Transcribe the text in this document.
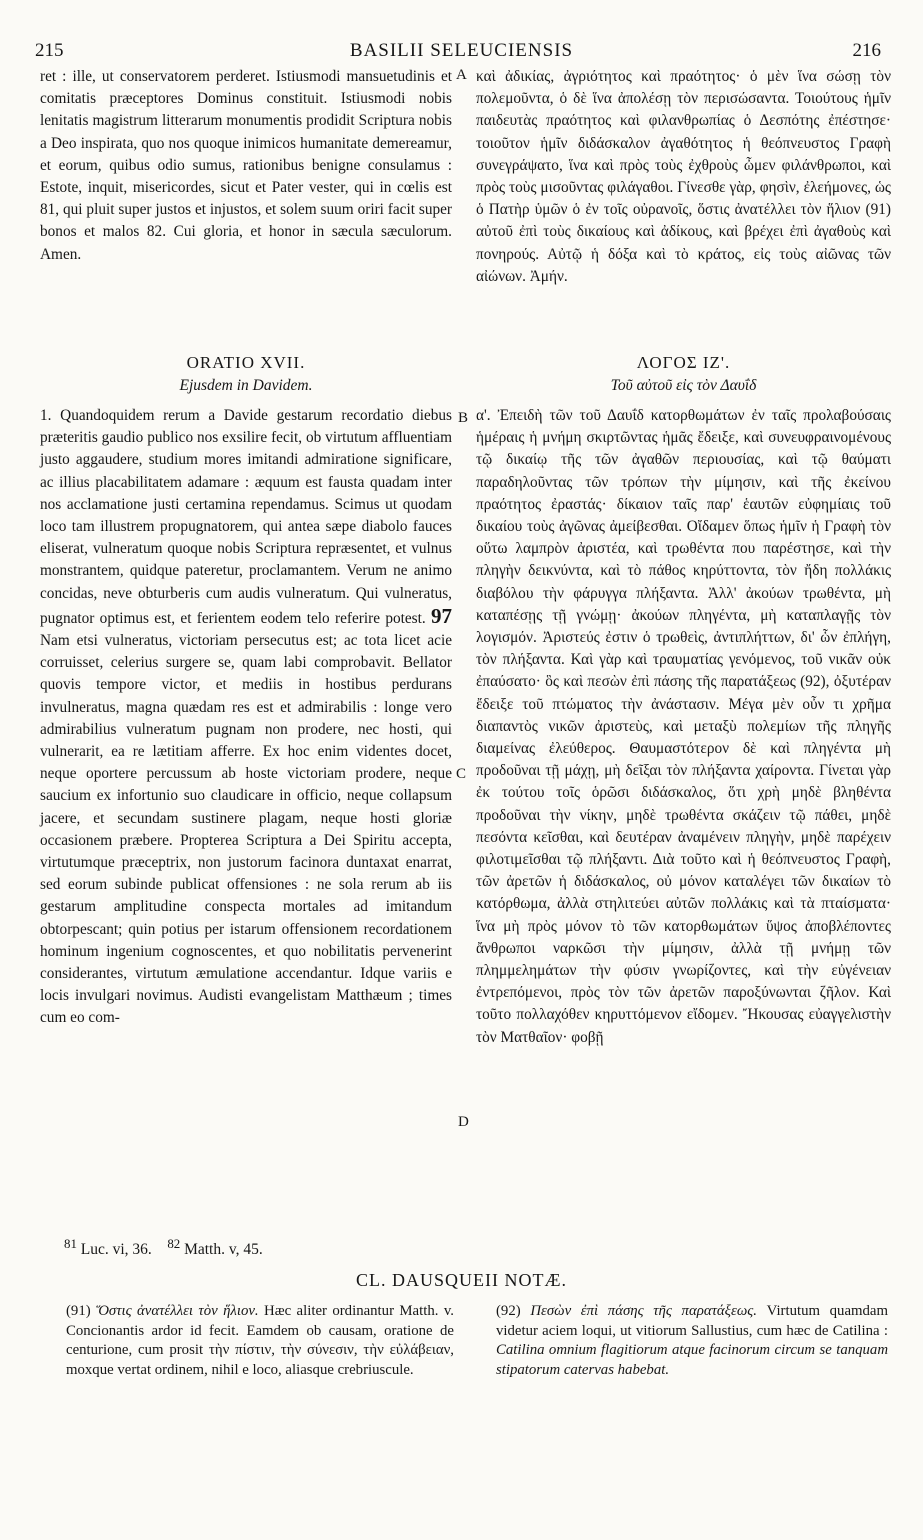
215	BASILII SELEUCIENSIS	216
A
B
C
D

ret : ille, ut conservatorem perderet. Istiusmodi mansuetudinis et comitatis præceptores Dominus constituit. Istiusmodi nobis lenitatis magistrum litterarum monumentis prodidit Scriptura nobis a Deo inspirata, quo nos quoque inimicos humanitate demereamur, et eorum, quibus odio sumus, rationibus benigne consulamus : Estote, inquit, misericordes, sicut et Pater vester, qui in cœlis est 81, qui pluit super justos et injustos, et solem suum oriri facit super bonos et malos 82. Cui gloria, et honor in sæcula sæculorum. Amen.

καὶ ἀδικίας, ἀγριότητος καὶ πραότητος· ὁ μὲν ἵνα σώσῃ τὸν πολεμοῦντα, ὁ δὲ ἵνα ἀπολέσῃ τὸν περισώσαντα. Τοιούτους ἡμῖν παιδευτὰς πραότητος καὶ φιλανθρωπίας ὁ Δεσπότης ἐπέστησε· τοιοῦτον ἡμῖν διδάσκαλον ἀγαθότητος ἡ θεόπνευστος Γραφὴ συνεγράψατο, ἵνα καὶ πρὸς τοὺς ἐχθροὺς ὦμεν φιλάνθρωποι, καὶ πρὸς τοὺς μισοῦντας φιλάγαθοι. Γίνεσθε γὰρ, φησὶν, ἐλεήμονες, ὡς ὁ Πατὴρ ὑμῶν ὁ ἐν τοῖς οὐρανοῖς, ὅστις ἀνατέλλει τὸν ἥλιον (91) αὐτοῦ ἐπὶ τοὺς δικαίους καὶ ἀδίκους, καὶ βρέχει ἐπὶ ἀγαθοὺς καὶ πονηρούς. Αὐτῷ ἡ δόξα καὶ τὸ κράτος, εἰς τοὺς αἰῶνας τῶν αἰώνων. Ἀμήν.

ORATIO XVII.
Ejusdem in Davidem.
ΛΟΓΟΣ ΙΖ'.
Τοῦ αὐτοῦ εἰς τὸν Δαυΐδ

1. Quandoquidem rerum a Davide gestarum recordatio diebus præteritis gaudio publico nos exsilire fecit, ob virtutum affluentiam justo aggaudere, studium mores imitandi admiratione significare, ac illius placabilitatem adamare : æquum est fausta quadam inter nos acclamatione justi certamina rependamus. Scimus ut quodam loco tam illustrem propugnatorem, qui antea sæpe diabolo fauces eliserat, vulneratum quoque nobis Scriptura repræsentet, et vulnus monstrantem, quidque pateretur, proclamantem. Verum ne animo concidas, neve obturberis cum audis vulneratum. Qui vulneratus, pugnator optimus est, et ferientem eodem telo referire potest. 97 Nam etsi vulneratus, victoriam persecutus est; ac tota licet acie corruisset, celerius surgere se, quam labi comprobavit. Bellator quovis tempore victor, et mediis in hostibus perdurans invulneratus, magna quædam res est et admirabilis : longe vero admirabilius vulneratum pugnam non prodere, nec hosti, qui vulnerarit, ea re lætitiam afferre. Ex hoc enim videntes docet, neque oportere percussum ab hoste victoriam prodere, neque saucium ex infortunio suo claudicare in officio, neque collapsum jacere, et secundam sustinere plagam, neque hosti gloriæ occasionem præbere. Propterea Scriptura a Dei Spiritu accepta, virtutumque præceptrix, non justorum facinora duntaxat enarrat, sed eorum subinde publicat offensiones : ne sola rerum ab iis gestarum amplitudine conspecta mortales ad imitandum obtorpescant; quin potius per istarum offensionem recordationem hominum ingenium cognoscentes, et quo nobilitatis pervenerint considerantes, virtutum æmulatione accendantur. Idque variis e locis invulgari novimus. Audisti evangelistam Matthæum ; times cum eo com-

α'. Ἐπειδὴ τῶν τοῦ Δαυΐδ κατορθωμάτων ἐν ταῖς προλαβούσαις ἡμέραις ἡ μνήμη σκιρτῶντας ἡμᾶς ἔδειξε, καὶ συνευφραινομένους τῷ δικαίῳ τῆς τῶν ἀγαθῶν περιουσίας, καὶ τῷ θαύματι παραδηλοῦντας τῶν τρόπων τὴν μίμησιν, καὶ τῆς ἐκείνου πραότητος ἐραστάς· δίκαιον ταῖς παρ' ἑαυτῶν εὐφημίαις τοῦ δικαίου τοὺς ἀγῶνας ἀμείβεσθαι. Οἴδαμεν ὅπως ἡμῖν ἡ Γραφὴ τὸν οὕτω λαμπρὸν ἀριστέα, καὶ τρωθέντα που παρέστησε, καὶ τὴν πληγὴν δεικνύντα, καὶ τὸ πάθος κηρύττοντα, τὸν ἤδη πολλάκις διαβόλου τὴν φάρυγγα πλήξαντα. Ἀλλ' ἀκούων τρωθέντα, μὴ καταπέσῃς τῇ γνώμῃ· ἀκούων πληγέντα, μὴ καταπλαγῇς τὸν λογισμόν. Ἀριστεύς ἐστιν ὁ τρωθεὶς, ἀντιπλήττων, δι' ὧν ἐπλήγη, τὸν πλήξαντα. Καὶ γὰρ καὶ τραυματίας γενόμενος, τοῦ νικᾶν οὐκ ἐπαύσατο· ὃς καὶ πεσὼν ἐπὶ πάσης τῆς παρατάξεως (92), ὀξυτέραν ἔδειξε τοῦ πτώματος τὴν ἀνάστασιν. Μέγα μὲν οὖν τι χρῆμα διαπαντὸς νικῶν ἀριστεὺς, καὶ μεταξὺ πολεμίων τῆς πληγῆς διαμείνας ἐλεύθερος. Θαυμαστότερον δὲ καὶ πληγέντα μὴ προδοῦναι τῇ μάχῃ, μὴ δεῖξαι τὸν πλήξαντα χαίροντα. Γίνεται γὰρ ἐκ τούτου τοῖς ὁρῶσι διδάσκαλος, ὅτι χρὴ μηδὲ βληθέντα προδοῦναι τὴν νίκην, μηδὲ τρωθέντα σκάζειν τῷ πάθει, μηδὲ πεσόντα κεῖσθαι, καὶ δευτέραν ἀναμένειν πληγὴν, μηδὲ παρέχειν φιλοτιμεῖσθαι τῷ πλήξαντι. Διὰ τοῦτο καὶ ἡ θεόπνευστος Γραφὴ, τῶν ἀρετῶν ἡ διδάσκαλος, οὐ μόνον καταλέγει τῶν δικαίων τὸ κατόρθωμα, ἀλλὰ στηλιτεύει αὐτῶν πολλάκις καὶ τὰ πταίσματα· ἵνα μὴ πρὸς μόνον τὸ τῶν κατορθωμάτων ὕψος ἀποβλέποντες ἄνθρωποι ναρκῶσι τὴν μίμησιν, ἀλλὰ τῇ μνήμῃ τῶν πλημμελημάτων τὴν φύσιν γνωρίζοντες, καὶ τὴν εὐγένειαν ἐντρεπόμενοι, πρὸς τὸν τῶν ἀρετῶν παροξύνωνται ζῆλον. Καὶ τοῦτο πολλαχόθεν κηρυττόμενον εἴδομεν. Ἤκουσας εὐαγγελιστὴν τὸν Ματθαῖον· φοβῇ

$^{81}$ Luc. vi, 36. $^{82}$ Matth. v, 45.
CL. DAUSQUEII NOTÆ.

(91) Ὅστις ἀνατέλλει τὸν ἥλιον. Hæc aliter ordinantur Matth. v. Concionantis ardor id fecit. Eamdem ob causam, oratione de centurione, cum prosit τὴν πίστιν, τὴν σύνεσιν, τὴν εὐλάβειαν, moxque vertat ordinem, nihil e loco, aliasque crebriuscule.

(92) Πεσὼν ἐπὶ πάσης τῆς παρατάξεως. Virtutum quamdam videtur aciem loqui, ut vitiorum Sallustius, cum hæc de Catilina : Catilina omnium flagitiorum atque facinorum circum se tanquam stipatorum catervas habebat.
